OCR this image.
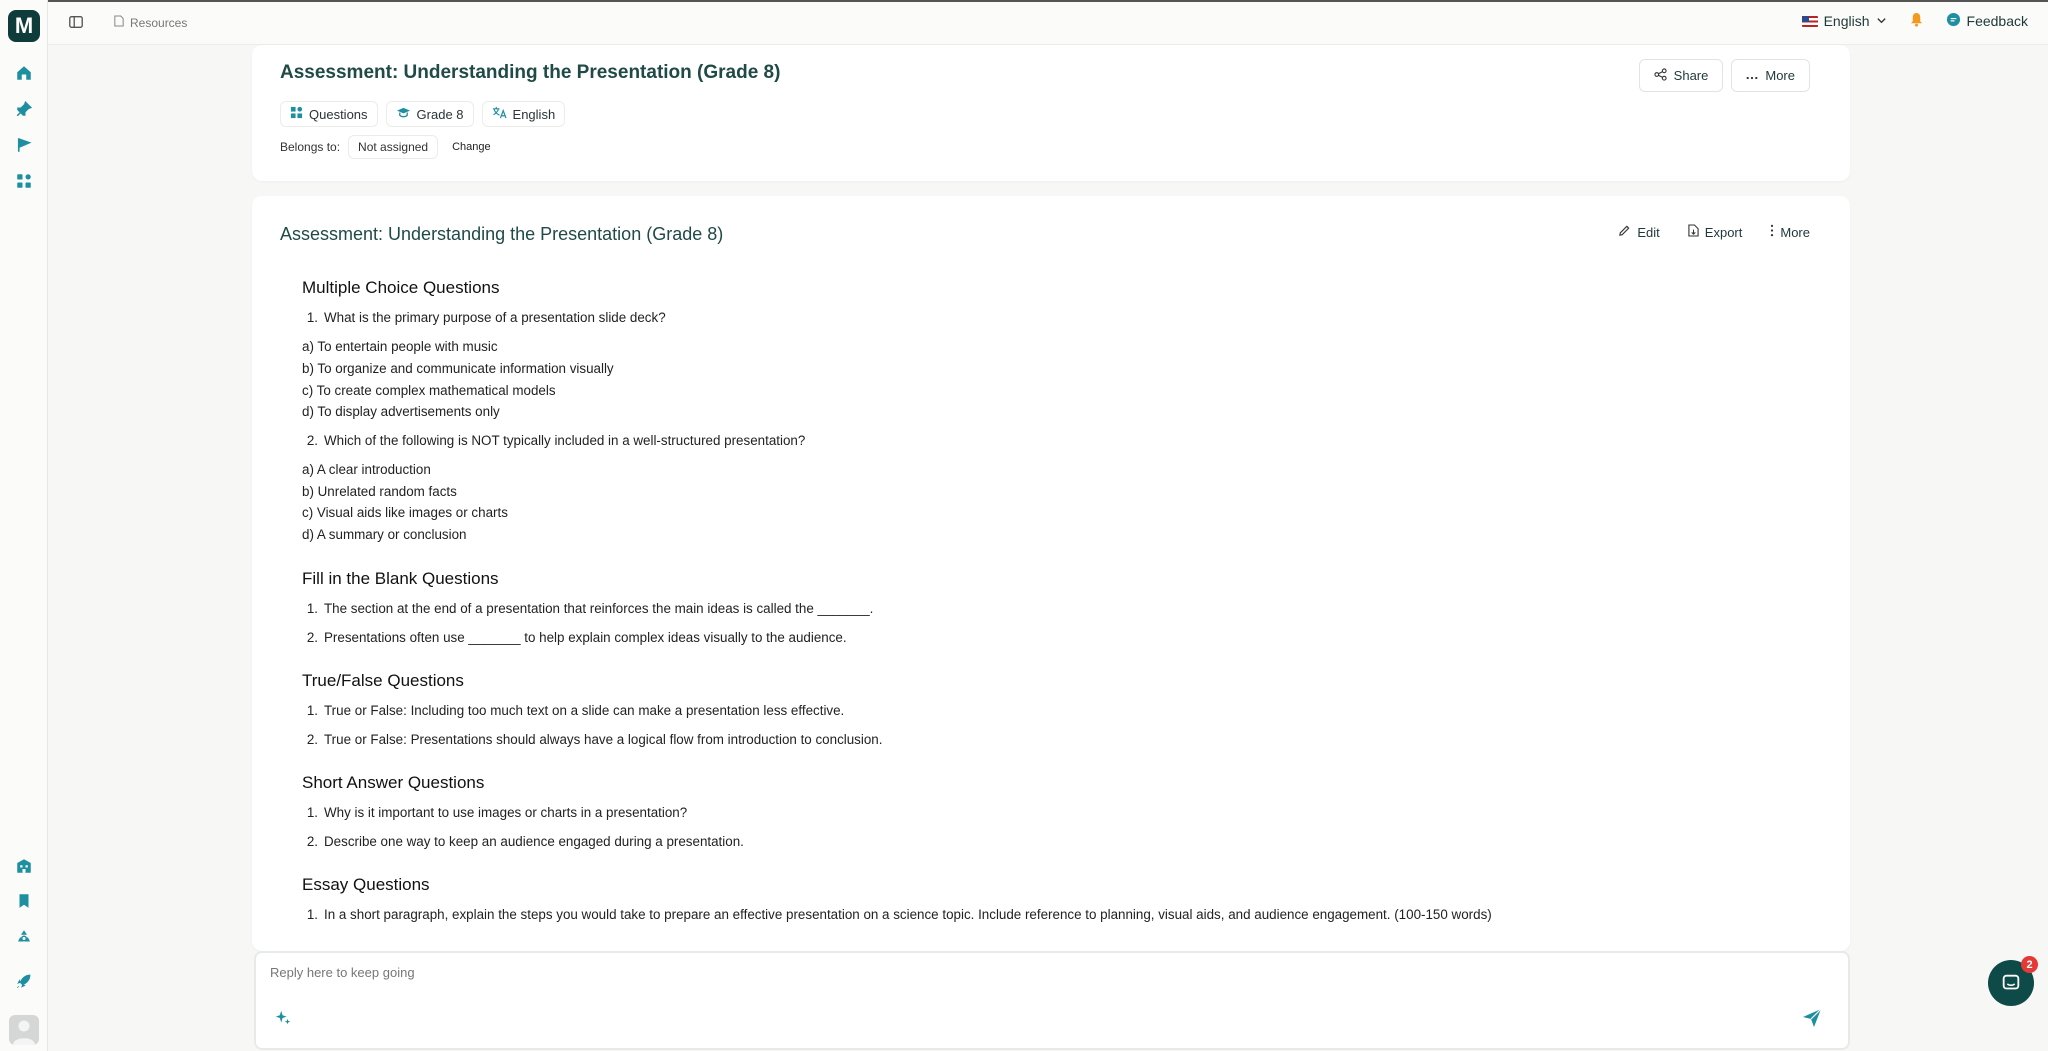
M	Resources	English	Feedback
Assessment: Understanding the Presentation (Grade 8)	Share	More
Questions	Grade 8	English
Belongs to:	Not assigned	Change
Assessment: Understanding the Presentation (Grade 8)	Edit	Export	More
Multiple Choice Questions
1. What is the primary purpose of a presentation slide deck?
a) To entertain people with music
b) To organize and communicate information visually
c) To create complex mathematical models
d) To display advertisements only
2. Which of the following is NOT typically included in a well-structured presentation?
a) A clear introduction
b) Unrelated random facts
c) Visual aids like images or charts
d) A summary or conclusion
Fill in the Blank Questions
1. The section at the end of a presentation that reinforces the main ideas is called the _______.
2. Presentations often use _______ to help explain complex ideas visually to the audience.
True/False Questions
1. True or False: Including too much text on a slide can make a presentation less effective.
2. True or False: Presentations should always have a logical flow from introduction to conclusion.
Short Answer Questions
1. Why is it important to use images or charts in a presentation?
2. Describe one way to keep an audience engaged during a presentation.
Essay Questions
1. In a short paragraph, explain the steps you would take to prepare an effective presentation on a science topic. Include reference to planning, visual aids, and audience engagement. (100-150 words)
Reply here to keep going
2
